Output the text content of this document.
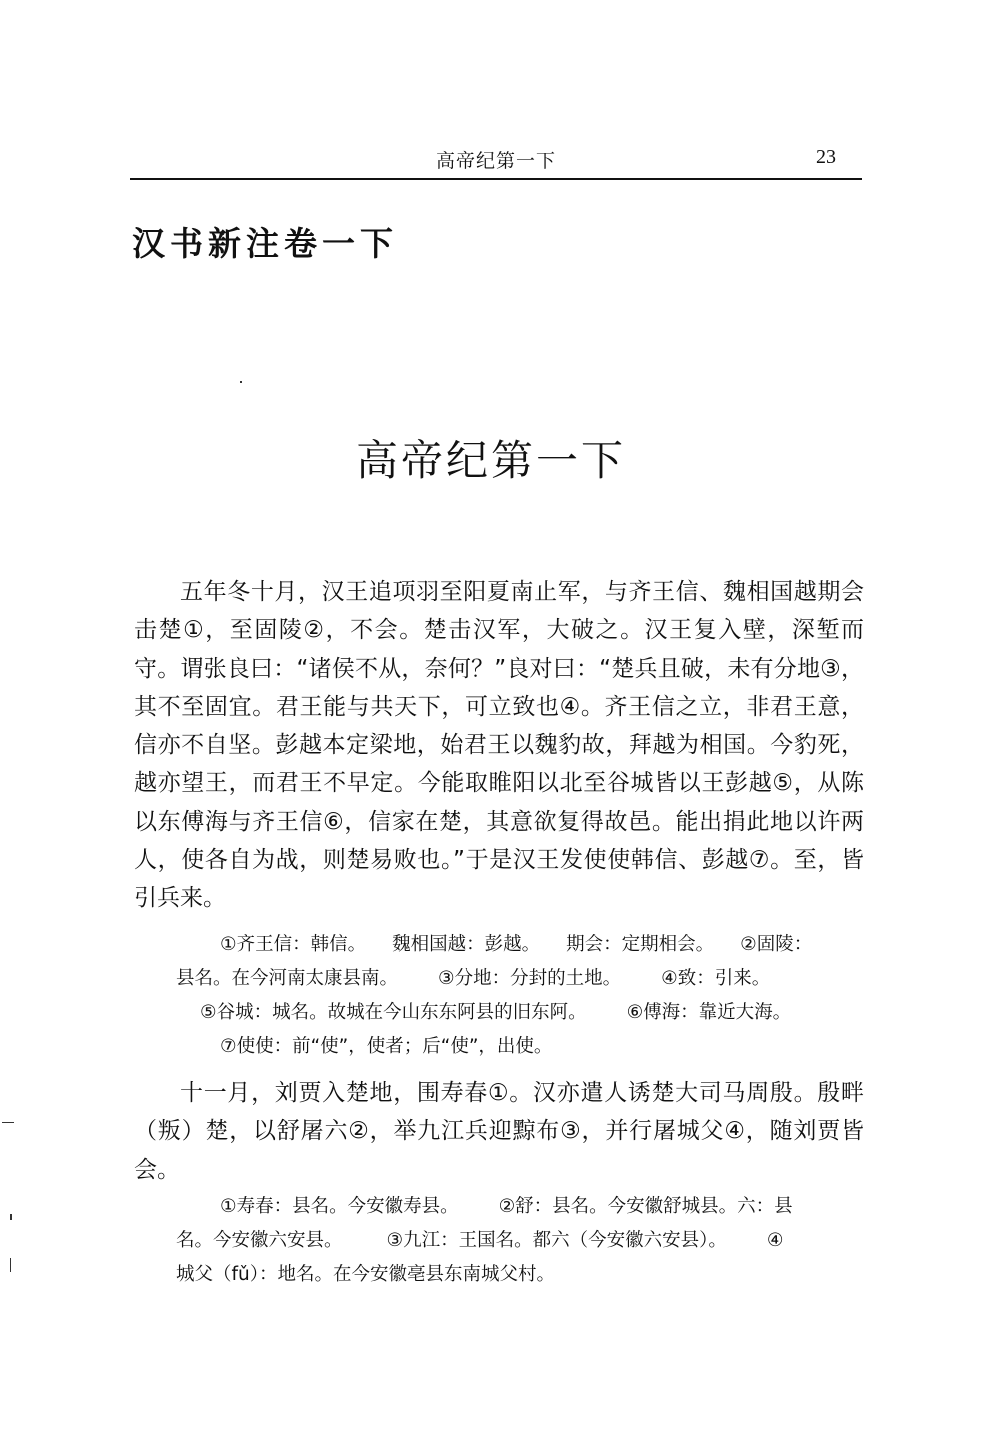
高帝纪第一下	23
汉书新注卷一下
高帝纪第一下

五年冬十月，汉王追项羽至阳夏南止军，与齐王信、魏相国越期会击楚①，至固陵②，不会。楚击汉军，大破之。汉王复入壁，深堑而守。谓张良曰：“诸侯不从，奈何？”良对曰：“楚兵且破，未有分地③，其不至固宜。君王能与共天下，可立致也④。齐王信之立，非君王意，信亦不自坚。彭越本定梁地，始君王以魏豹故，拜越为相国。今豹死，越亦望王，而君王不早定。今能取睢阳以北至谷城皆以王彭越⑤，从陈以东傅海与齐王信⑥，信家在楚，其意欲复得故邑。能出捐此地以许两人，使各自为战，则楚易败也。”于是汉王发使使韩信、彭越⑦。至，皆引兵来。

①齐王信：韩信。 魏相国越：彭越。 期会：定期相会。 ②固陵：
县名。在今河南太康县南。 ③分地：分封的土地。 ④致：引来。
⑤谷城：城名。故城在今山东东阿县的旧东阿。 ⑥傅海：靠近大海。
⑦使使：前“使”，使者；后“使”，出使。

十一月，刘贾入楚地，围寿春①。汉亦遣人诱楚大司马周殷。殷畔（叛）楚，以舒屠六②，举九江兵迎黥布③，并行屠城父④，随刘贾皆会。

①寿春：县名。今安徽寿县。 ②舒：县名。今安徽舒城县。六：县
名。今安徽六安县。 ③九江：王国名。都六（今安徽六安县）。 ④
城父（fǔ）：地名。在今安徽亳县东南城父村。
